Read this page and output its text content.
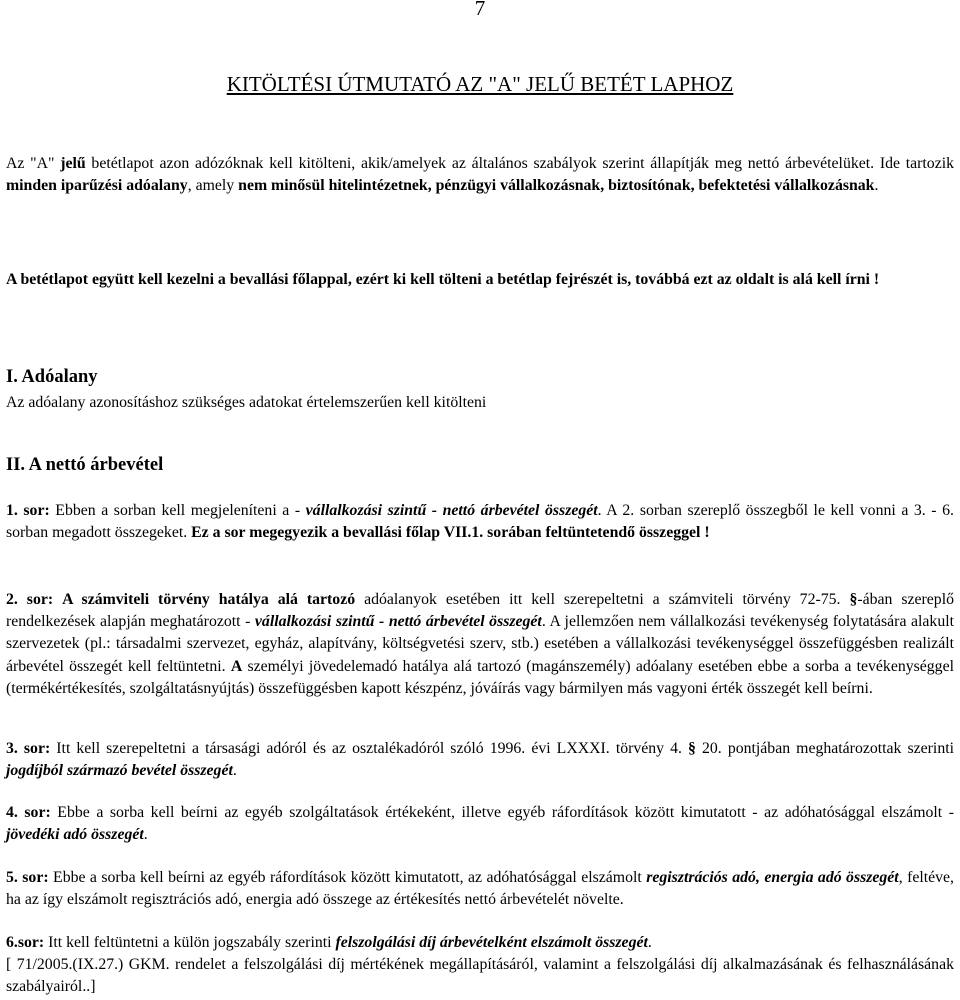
7
KITÖLTÉSI ÚTMUTATÓ AZ "A" JELŰ BETÉT LAPHOZ

Az "A" jelű betétlapot azon adózóknak kell kitölteni, akik/amelyek az általános szabályok szerint állapítják meg nettó árbevételüket. Ide tartozik minden iparűzési adóalany, amely nem minősül hitelintézetnek, pénzügyi vállalkozásnak, biztosítónak, befektetési vállalkozásnak.

A betétlapot együtt kell kezelni a bevallási főlappal, ezért ki kell tölteni a betétlap fejrészét is, továbbá ezt az oldalt is alá kell írni !

I. Adóalany

Az adóalany azonosításhoz szükséges adatokat értelemszerűen kell kitölteni

II. A nettó árbevétel

1. sor: Ebben a sorban kell megjeleníteni a - vállalkozási szintű - nettó árbevétel összegét. A 2. sorban szereplő összegből le kell vonni a 3. - 6. sorban megadott összegeket. Ez a sor megegyezik a bevallási főlap VII.1. sorában feltüntetendő összeggel !

2. sor: A számviteli törvény hatálya alá tartozó adóalanyok esetében itt kell szerepeltetni a számviteli törvény 72-75. §-ában szereplő rendelkezések alapján meghatározott - vállalkozási szintű - nettó árbevétel összegét. A jellemzően nem vállalkozási tevékenység folytatására alakult szervezetek (pl.: társadalmi szervezet, egyház, alapítvány, költségvetési szerv, stb.) esetében a vállalkozási tevékenységgel összefüggésben realizált árbevétel összegét kell feltüntetni. A személyi jövedelemadó hatálya alá tartozó (magánszemély) adóalany esetében ebbe a sorba a tevékenységgel (termékértékesítés, szolgáltatásnyújtás) összefüggésben kapott készpénz, jóváírás vagy bármilyen más vagyoni érték összegét kell beírni.

3. sor: Itt kell szerepeltetni a társasági adóról és az osztalékadóról szóló 1996. évi LXXXI. törvény 4. § 20. pontjában meghatározottak szerinti jogdíjból származó bevétel összegét.

4. sor: Ebbe a sorba kell beírni az egyéb szolgáltatások értékeként, illetve egyéb ráfordítások között kimutatott - az adóhatósággal elszámolt - jövedéki adó összegét.

5. sor: Ebbe a sorba kell beírni az egyéb ráfordítások között kimutatott, az adóhatósággal elszámolt regisztrációs adó, energia adó összegét, feltéve, ha az így elszámolt regisztrációs adó, energia adó összege az értékesítés nettó árbevételét növelte.

6.sor: Itt kell feltüntetni a külön jogszabály szerinti felszolgálási díj árbevételként elszámolt összegét.
[ 71/2005.(IX.27.) GKM. rendelet a felszolgálási díj mértékének megállapításáról, valamint a felszolgálási díj alkalmazásának és felhasználásának szabályairól..]
